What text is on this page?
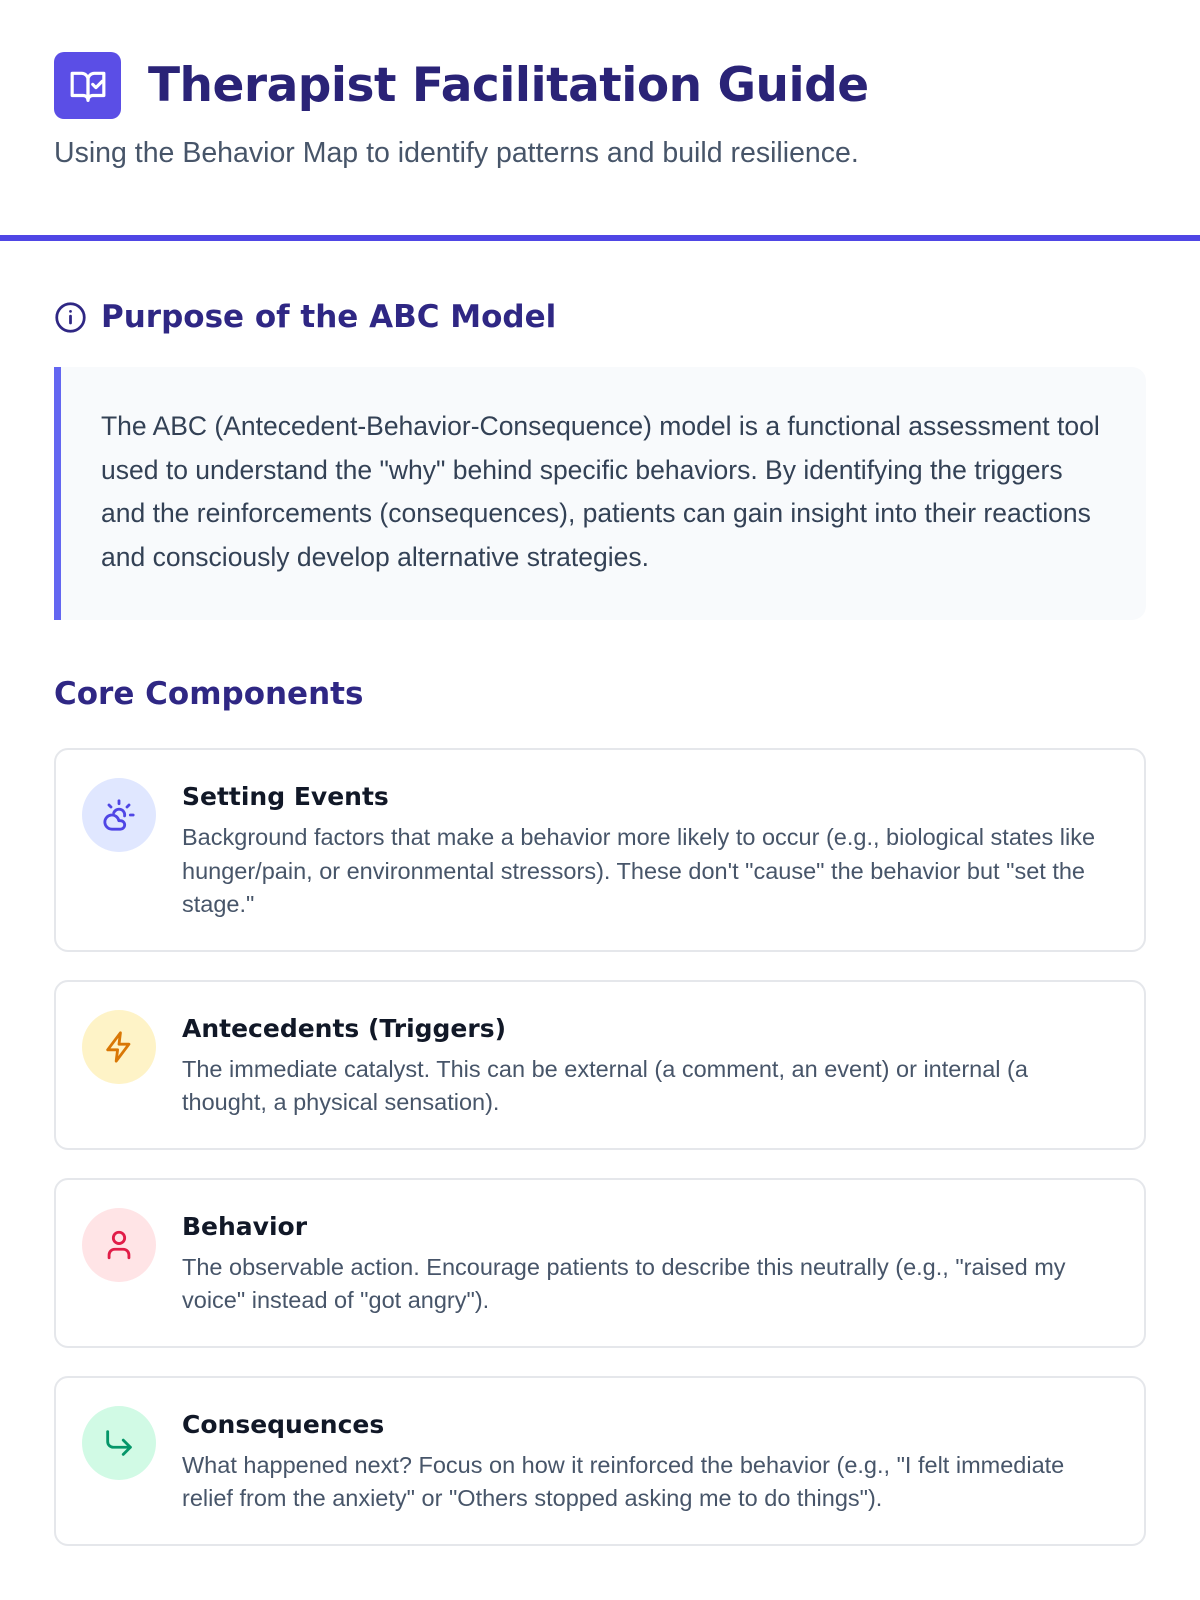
Therapist Facilitation Guide

Using the Behavior Map to identify patterns and build resilience.

Purpose of the ABC Model

The ABC (Antecedent-Behavior-Consequence) model is a functional assessment tool used to understand the "why" behind specific behaviors. By identifying the triggers and the reinforcements (consequences), patients can gain insight into their reactions and consciously develop alternative strategies.

Core Components
Setting Events

Background factors that make a behavior more likely to occur (e.g., biological states like hunger/pain, or environmental stressors). These don't "cause" the behavior but "set the stage."

Antecedents (Triggers)

The immediate catalyst. This can be external (a comment, an event) or internal (a thought, a physical sensation).

Behavior

The observable action. Encourage patients to describe this neutrally (e.g., "raised my voice" instead of "got angry").

Consequences

What happened next? Focus on how it reinforced the behavior (e.g., "I felt immediate relief from the anxiety" or "Others stopped asking me to do things").
